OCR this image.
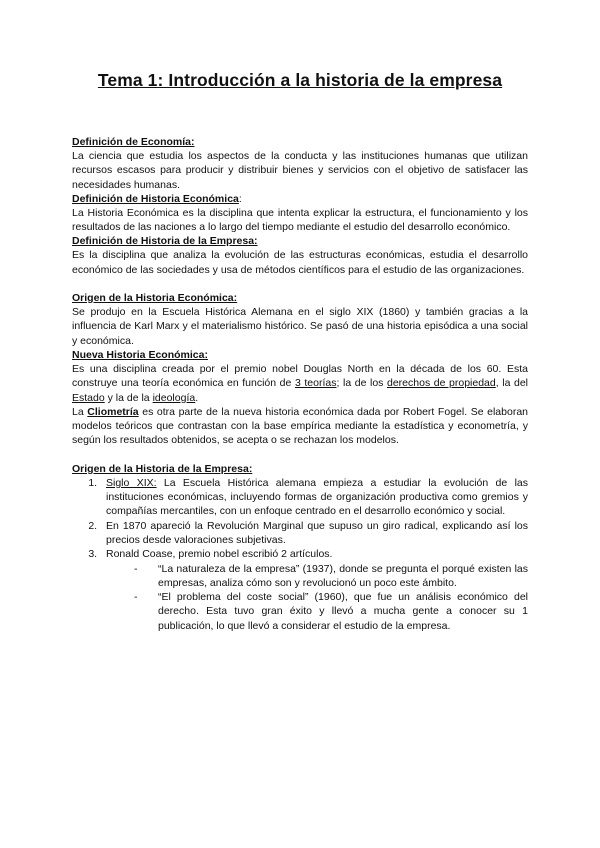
Tema 1: Introducción a la historia de la empresa

Definición de Economía:

La ciencia que estudia los aspectos de la conducta y las instituciones humanas que utilizan recursos escasos para producir y distribuir bienes y servicios con el objetivo de satisfacer las necesidades humanas.

Definición de Historia Económica:

La Historia Económica es la disciplina que intenta explicar la estructura, el funcionamiento y los resultados de las naciones a lo largo del tiempo mediante el estudio del desarrollo económico.

Definición de Historia de la Empresa:

Es la disciplina que analiza la evolución de las estructuras económicas, estudia el desarrollo económico de las sociedades y usa de métodos científicos para el estudio de las organizaciones.

Origen de la Historia Económica:

Se produjo en la Escuela Histórica Alemana en el siglo XIX (1860) y también gracias a la influencia de Karl Marx y el materialismo histórico. Se pasó de una historia episódica a una social y económica.

Nueva Historia Económica:

Es una disciplina creada por el premio nobel Douglas North en la década de los 60. Esta construye una teoría económica en función de 3 teorías; la de los derechos de propiedad, la del Estado y la de la ideología.

La Cliometría es otra parte de la nueva historia económica dada por Robert Fogel. Se elaboran modelos teóricos que contrastan con la base empírica mediante la estadística y econometría, y según los resultados obtenidos, se acepta o se rechazan los modelos.

Origen de la Historia de la Empresa:

1. Siglo XIX: La Escuela Histórica alemana empieza a estudiar la evolución de las instituciones económicas, incluyendo formas de organización productiva como gremios y compañías mercantiles, con un enfoque centrado en el desarrollo económico y social.
2. En 1870 apareció la Revolución Marginal que supuso un giro radical, explicando así los precios desde valoraciones subjetivas.
3. Ronald Coase, premio nobel escribió 2 artículos.
- “La naturaleza de la empresa” (1937), donde se pregunta el porqué existen las empresas, analiza cómo son y revolucionó un poco este ámbito.
- “El problema del coste social” (1960), que fue un análisis económico del derecho. Esta tuvo gran éxito y llevó a mucha gente a conocer su 1 publicación, lo que llevó a considerar el estudio de la empresa.
